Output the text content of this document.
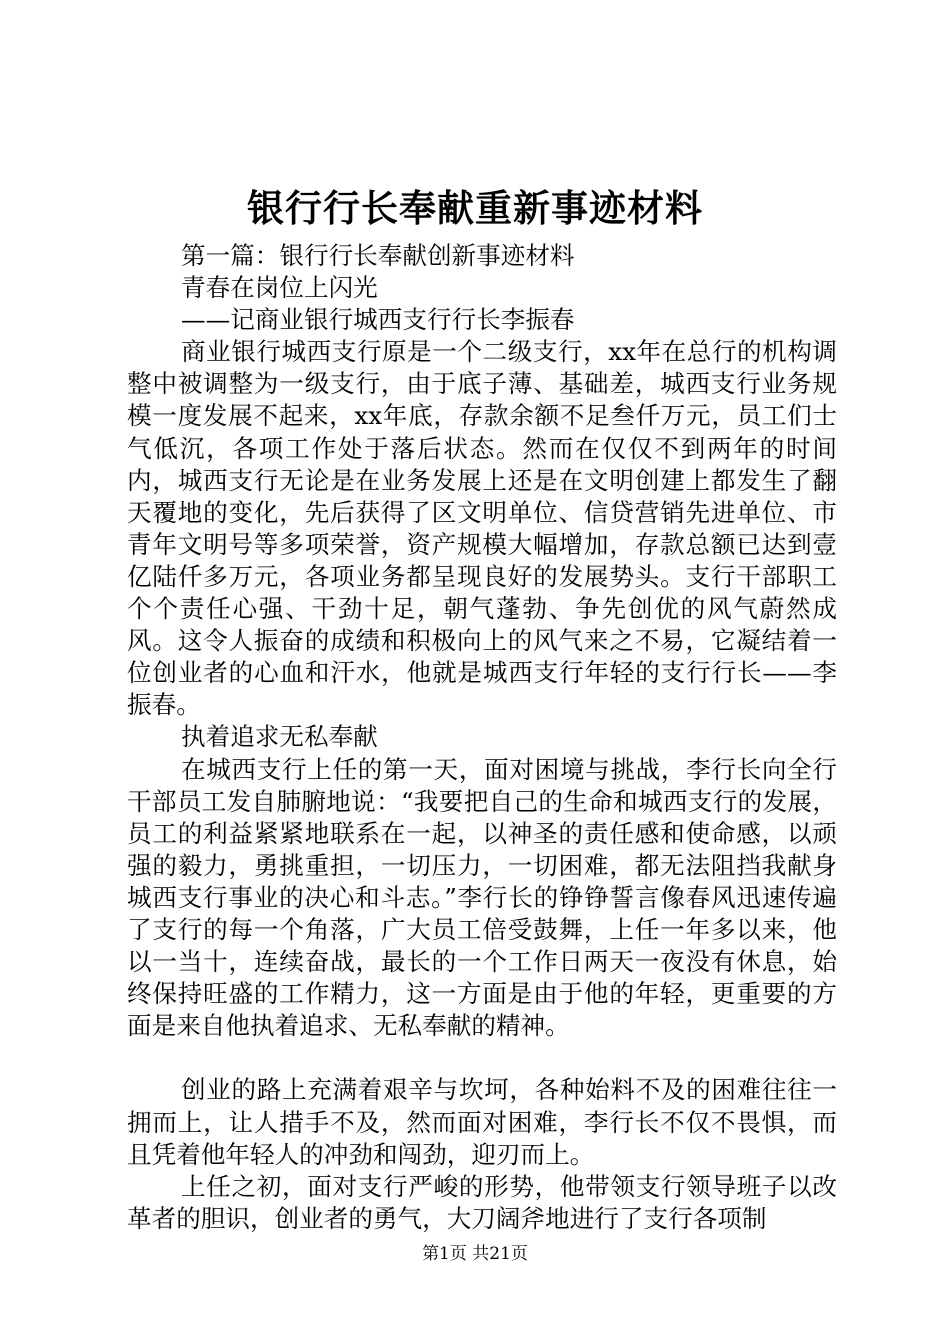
银行行长奉献重新事迹材料

第一篇：银行行长奉献创新事迹材料

青春在岗位上闪光

——记商业银行城西支行行长李振春

商业银行城西支行原是一个二级支行，xx年在总行的机构调整中被调整为一级支行，由于底子薄、基础差，城西支行业务规模一度发展不起来，xx年底，存款余额不足叁仟万元，员工们士气低沉，各项工作处于落后状态。然而在仅仅不到两年的时间内，城西支行无论是在业务发展上还是在文明创建上都发生了翻天覆地的变化，先后获得了区文明单位、信贷营销先进单位、市青年文明号等多项荣誉，资产规模大幅增加，存款总额已达到壹亿陆仟多万元，各项业务都呈现良好的发展势头。支行干部职工个个责任心强、干劲十足，朝气蓬勃、争先创优的风气蔚然成风。这令人振奋的成绩和积极向上的风气来之不易，它凝结着一位创业者的心血和汗水，他就是城西支行年轻的支行行长——李振春。

执着追求无私奉献

在城西支行上任的第一天，面对困境与挑战，李行长向全行干部员工发自肺腑地说：“我要把自己的生命和城西支行的发展，员工的利益紧紧地联系在一起，以神圣的责任感和使命感，以顽强的毅力，勇挑重担，一切压力，一切困难，都无法阻挡我献身城西支行事业的决心和斗志。”李行长的铮铮誓言像春风迅速传遍了支行的每一个角落，广大员工倍受鼓舞，上任一年多以来，他以一当十，连续奋战，最长的一个工作日两天一夜没有休息，始终保持旺盛的工作精力，这一方面是由于他的年轻，更重要的方面是来自他执着追求、无私奉献的精神。

创业的路上充满着艰辛与坎坷，各种始料不及的困难往往一拥而上，让人措手不及，然而面对困难，李行长不仅不畏惧，而且凭着他年轻人的冲劲和闯劲，迎刃而上。

上任之初，面对支行严峻的形势，他带领支行领导班子以改革者的胆识，创业者的勇气，大刀阔斧地进行了支行各项制

第1页 共21页
